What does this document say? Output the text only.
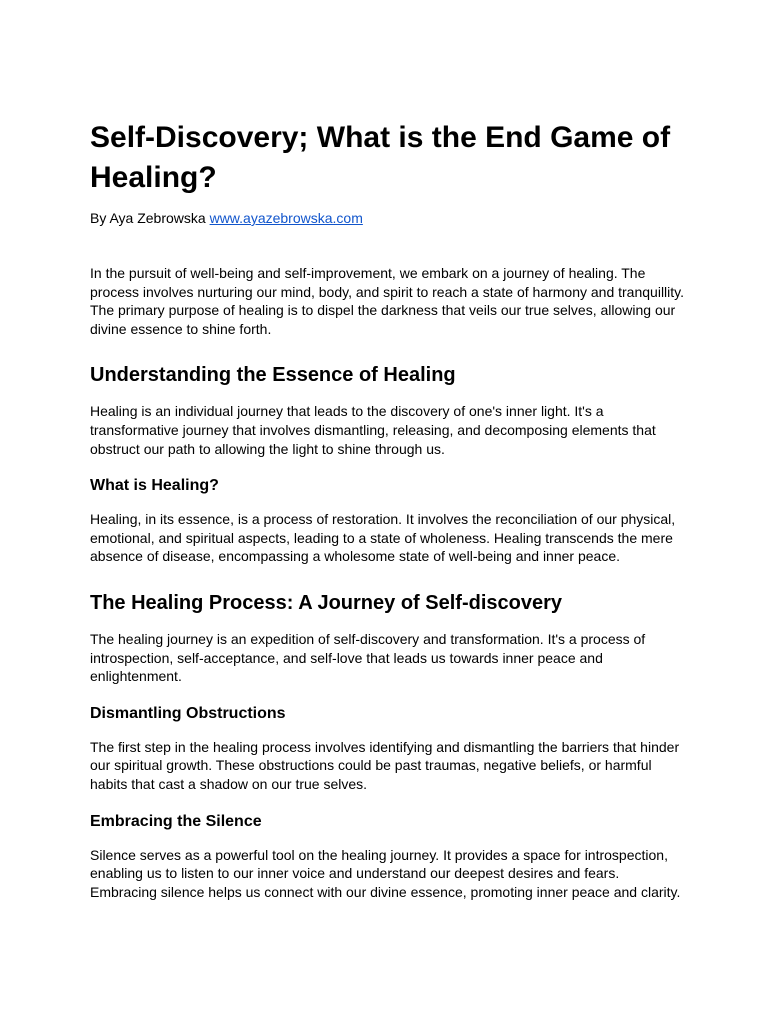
Self-Discovery; What is the End Game of Healing?

By Aya Zebrowska www.ayazebrowska.com

In the pursuit of well-being and self-improvement, we embark on a journey of healing. The process involves nurturing our mind, body, and spirit to reach a state of harmony and tranquillity. The primary purpose of healing is to dispel the darkness that veils our true selves, allowing our divine essence to shine forth.

Understanding the Essence of Healing

Healing is an individual journey that leads to the discovery of one's inner light. It's a transformative journey that involves dismantling, releasing, and decomposing elements that obstruct our path to allowing the light to shine through us.

What is Healing?

Healing, in its essence, is a process of restoration. It involves the reconciliation of our physical, emotional, and spiritual aspects, leading to a state of wholeness. Healing transcends the mere absence of disease, encompassing a wholesome state of well-being and inner peace.

The Healing Process: A Journey of Self-discovery

The healing journey is an expedition of self-discovery and transformation. It's a process of introspection, self-acceptance, and self-love that leads us towards inner peace and enlightenment.

Dismantling Obstructions

The first step in the healing process involves identifying and dismantling the barriers that hinder our spiritual growth. These obstructions could be past traumas, negative beliefs, or harmful habits that cast a shadow on our true selves.

Embracing the Silence

Silence serves as a powerful tool on the healing journey. It provides a space for introspection, enabling us to listen to our inner voice and understand our deepest desires and fears. Embracing silence helps us connect with our divine essence, promoting inner peace and clarity.
